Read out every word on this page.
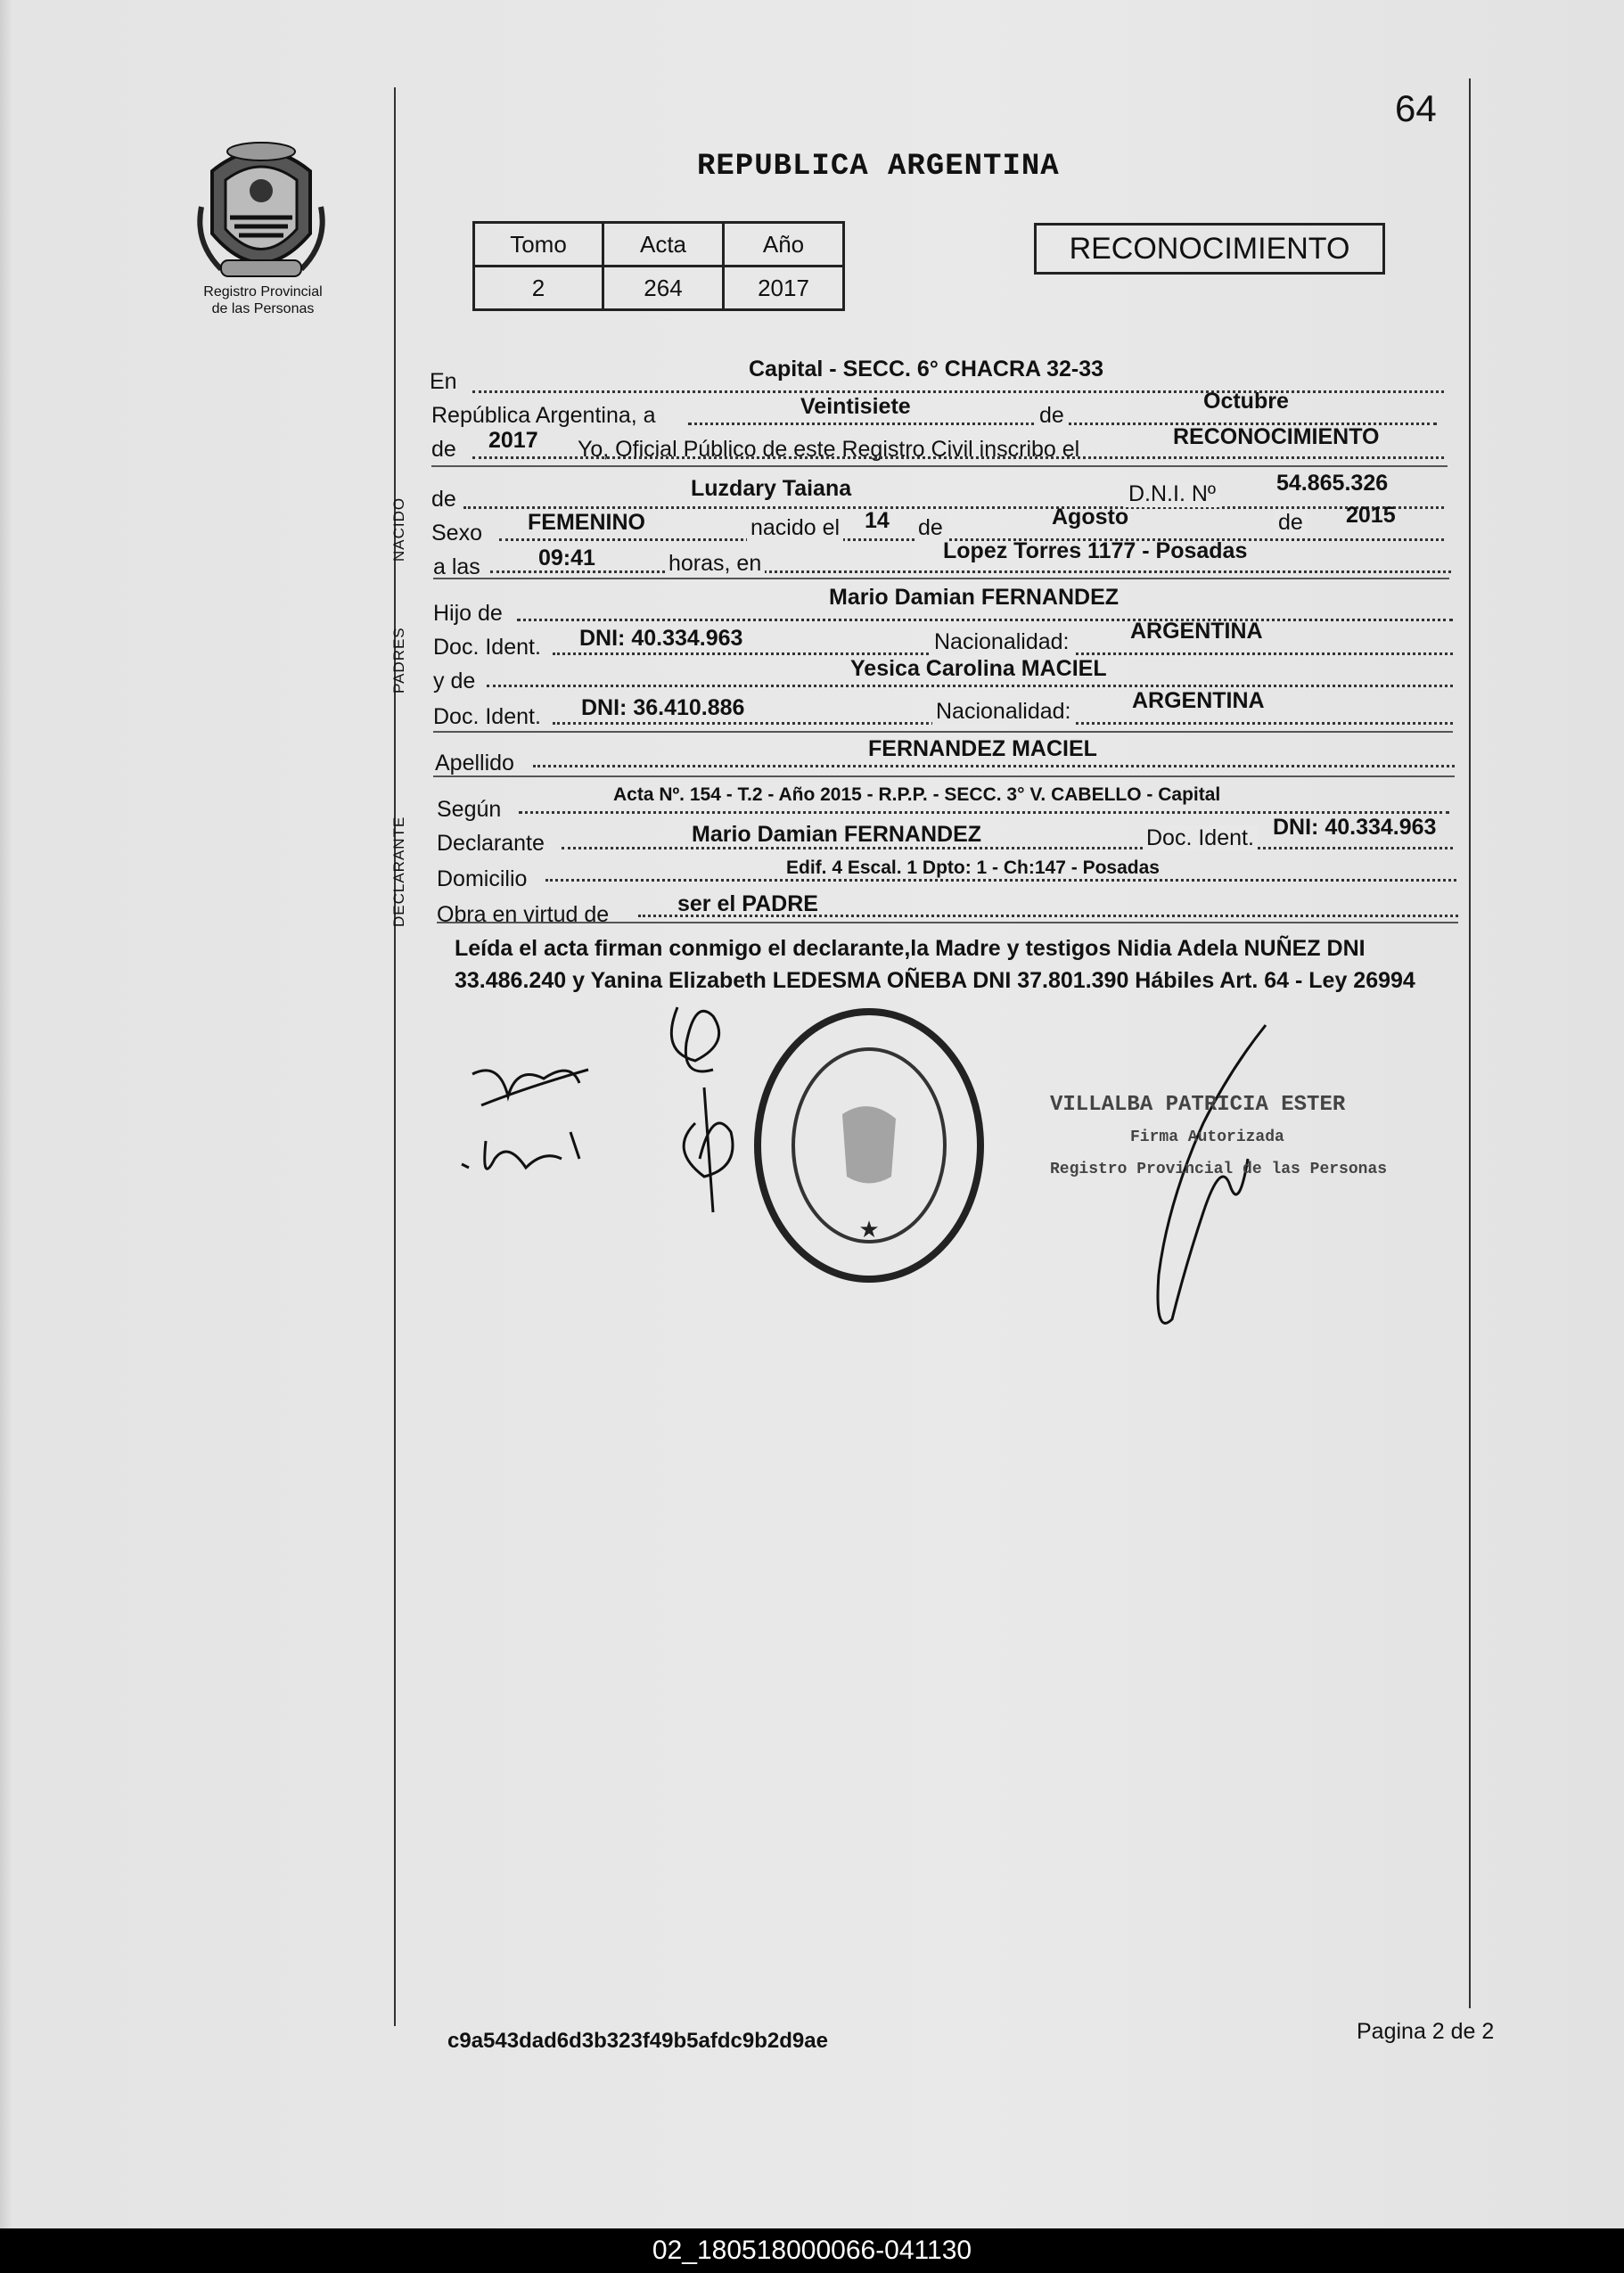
64
REPUBLICA ARGENTINA
Registro Provincial
de las Personas
Tomo	Acta	Año
2	264	2017
RECONOCIMIENTO
NACIDO
PADRES
DECLARANTE
En	Capital - SECC. 6° CHACRA 32-33
República Argentina, a	Veintisiete	de
Octubre
de 2017 Yo, Oficial Público de este Registro Civil inscribo el	RECONOCIMIENTO
de	Luzdary Taiana	D.N.I. Nº	54.865.326
Sexo FEMENINO	nacido el 14 de	Agosto	de 2015
a las	09:41	horas, en	Lopez Torres 1177 - Posadas
Hijo de
Mario Damian FERNANDEZ
Doc. Ident. DNI: 40.334.963	Nacionalidad:	ARGENTINA
y de	Yesica Carolina MACIEL
Doc. Ident. DNI: 36.410.886	Nacionalidad:	ARGENTINA
Apellido
FERNANDEZ MACIEL
Según
Acta Nº. 154 - T.2 - Año 2015 - R.P.P. - SECC. 3° V. CABELLO - Capital
Declarante	Mario Damian FERNANDEZ	Doc. Ident. DNI: 40.334.963
Domicilio	Edif. 4 Escal. 1 Dpto: 1 - Ch:147 - Posadas
Obra en virtud de	ser el PADRE
Leída el acta firman conmigo el declarante,la Madre y testigos Nidia Adela NUÑEZ DNI 33.486.240 y Yanina Elizabeth LEDESMA OÑEBA DNI 37.801.390 Hábiles Art. 64 - Ley 26994
★
VILLALBA PATRICIA ESTER
Firma Autorizada
Registro Provincial de las Personas
c9a543dad6d3b323f49b5afdc9b2d9ae	Pagina 2 de 2
02_180518000066-041130
